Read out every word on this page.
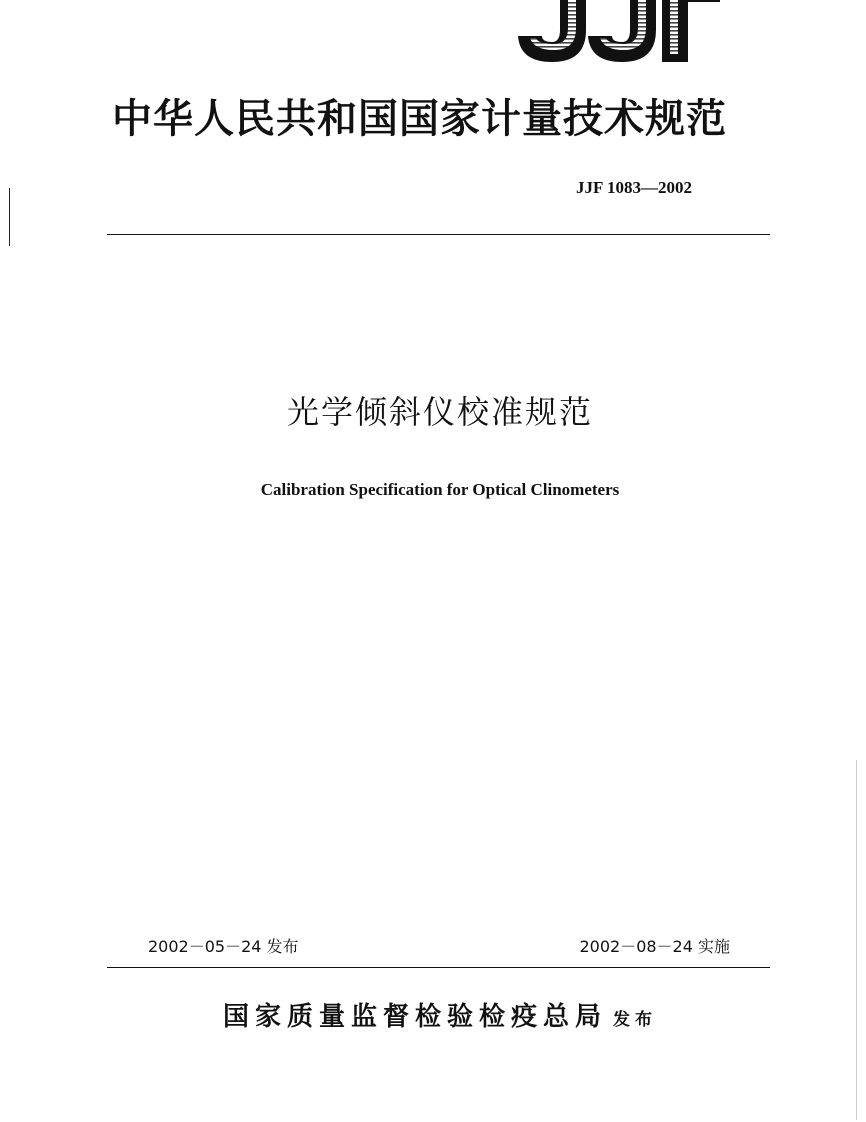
中华人民共和国国家计量技术规范
JJF 1083—2002
光学倾斜仪校准规范
Calibration Specification for Optical Clinometers
2002－05－24 发布	2002－08－24 实施
国家质量监督检验检疫总局 发布
